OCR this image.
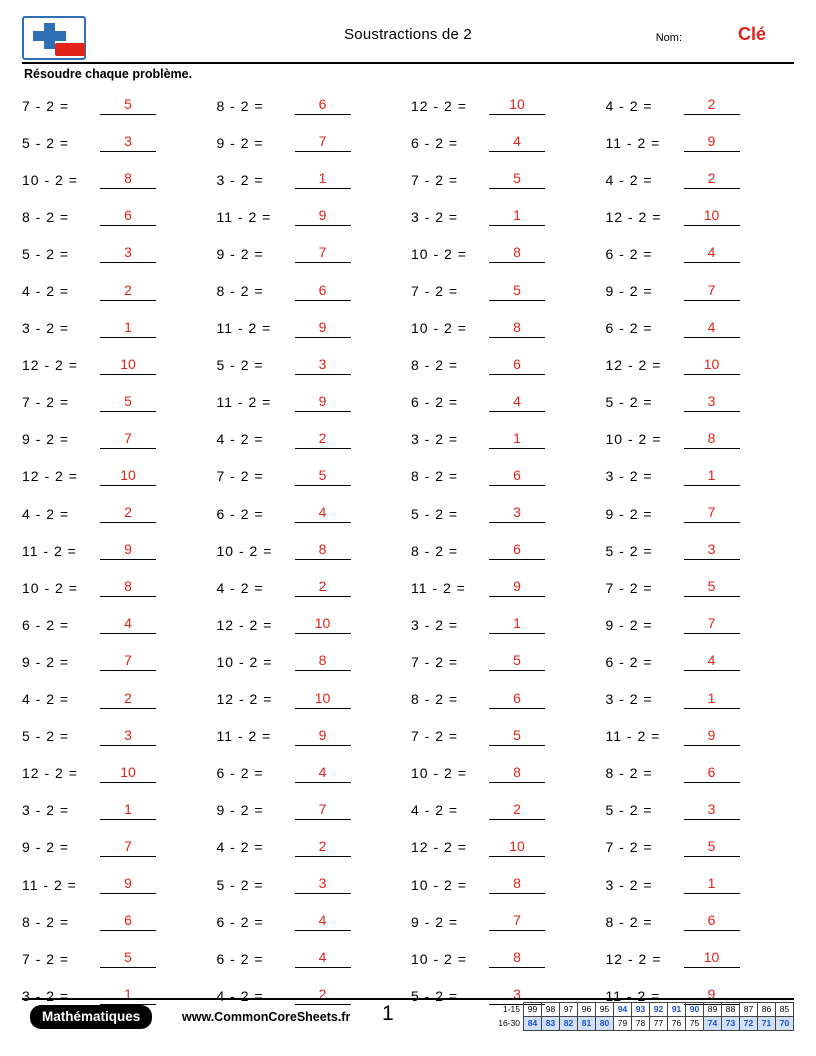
Soustractions de 2	Nom:	Clé
Résoudre chaque problème.
7 - 2 =	5	8 - 2 =	6	12 - 2 =	10	4 - 2 =	2
5 - 2 =	3	9 - 2 =	7	6 - 2 =	4	11 - 2 =	9
10 - 2 =	8	3 - 2 =	1	7 - 2 =	5	4 - 2 =	2
8 - 2 =	6	11 - 2 =	9	3 - 2 =	1	12 - 2 =	10
5 - 2 =	3	9 - 2 =	7	10 - 2 =	8	6 - 2 =	4
4 - 2 =	2	8 - 2 =	6	7 - 2 =	5	9 - 2 =	7
3 - 2 =	1	11 - 2 =	9	10 - 2 =	8	6 - 2 =	4
12 - 2 =	10	5 - 2 =	3	8 - 2 =	6	12 - 2 =	10
7 - 2 =	5	11 - 2 =	9	6 - 2 =	4	5 - 2 =	3
9 - 2 =	7	4 - 2 =	2	3 - 2 =	1	10 - 2 =	8
12 - 2 =	10	7 - 2 =	5	8 - 2 =	6	3 - 2 =	1
4 - 2 =	2	6 - 2 =	4	5 - 2 =	3	9 - 2 =	7
11 - 2 =	9	10 - 2 =	8	8 - 2 =	6	5 - 2 =	3
10 - 2 =	8	4 - 2 =	2	11 - 2 =	9	7 - 2 =	5
6 - 2 =	4	12 - 2 =	10	3 - 2 =	1	9 - 2 =	7
9 - 2 =	7	10 - 2 =	8	7 - 2 =	5	6 - 2 =	4
4 - 2 =	2	12 - 2 =	10	8 - 2 =	6	3 - 2 =	1
5 - 2 =	3	11 - 2 =	9	7 - 2 =	5	11 - 2 =	9
12 - 2 =	10	6 - 2 =	4	10 - 2 =	8	8 - 2 =	6
3 - 2 =	1	9 - 2 =	7	4 - 2 =	2	5 - 2 =	3
9 - 2 =	7	4 - 2 =	2	12 - 2 =	10	7 - 2 =	5
11 - 2 =	9	5 - 2 =	3	10 - 2 =	8	3 - 2 =	1
8 - 2 =	6	6 - 2 =	4	9 - 2 =	7	8 - 2 =	6
7 - 2 =	5	6 - 2 =	4	10 - 2 =	8	12 - 2 =	10
3 - 2 =	1	4 - 2 =	2	5 - 2 =	3	11 - 2 =	9
Mathématiques	www.CommonCoreSheets.fr 1	1-15	99	98	97	96	95	94	93	92	91	90	89	88	87	86	85
16-30	84	83	82	81	80	79	78	77	76	75	74	73	72	71	70
